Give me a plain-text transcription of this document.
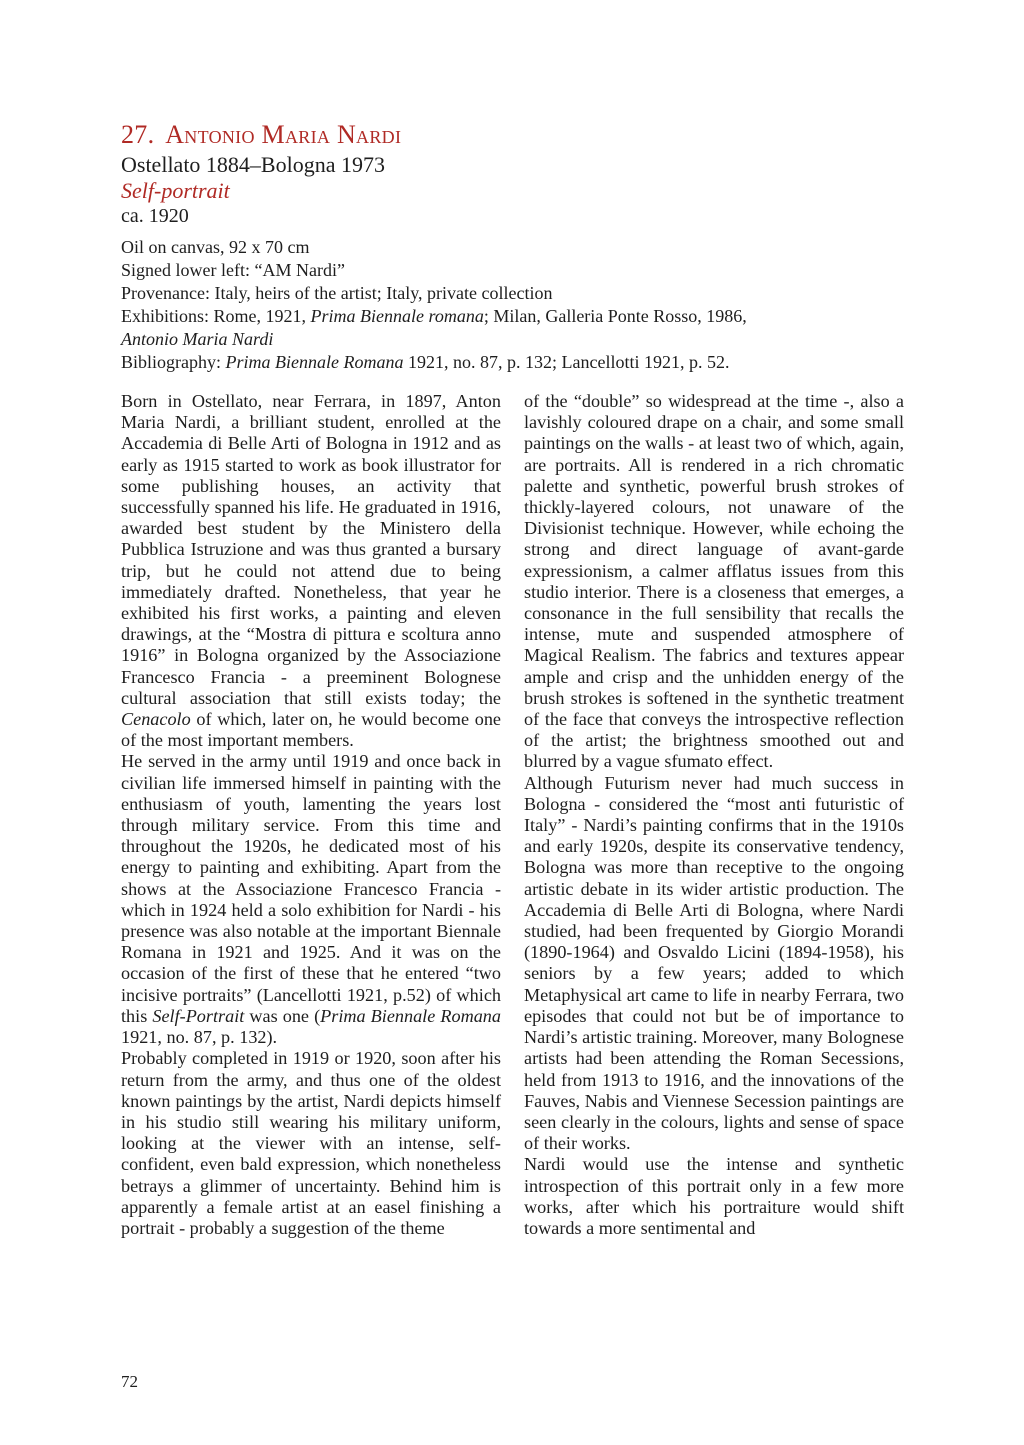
27. Antonio Maria Nardi
Ostellato 1884–Bologna 1973
Self-portrait
ca. 1920
Oil on canvas, 92 x 70 cm
Signed lower left: “AM Nardi”
Provenance: Italy, heirs of the artist; Italy, private collection
Exhibitions: Rome, 1921, Prima Biennale romana; Milan, Galleria Ponte Rosso, 1986,
Antonio Maria Nardi
Bibliography: Prima Biennale Romana 1921, no. 87, p. 132; Lancellotti 1921, p. 52.

Born in Ostellato, near Ferrara, in 1897, Anton Maria Nardi, a brilliant student, enrolled at the Accademia di Belle Arti of Bologna in 1912 and as early as 1915 started to work as book illustrator for some publishing houses, an activity that successfully spanned his life. He graduated in 1916, awarded best student by the Ministero della Pubblica Istruzione and was thus granted a bursary trip, but he could not attend due to being immediately drafted. Nonetheless, that year he exhibited his first works, a painting and eleven drawings, at the “Mostra di pittura e scoltura anno 1916” in Bologna organized by the Associazione Francesco Francia - a preeminent Bolognese cultural association that still exists today; the Cenacolo of which, later on, he would become one of the most important members.

He served in the army until 1919 and once back in civilian life immersed himself in painting with the enthusiasm of youth, lamenting the years lost through military service. From this time and throughout the 1920s, he dedicated most of his energy to painting and exhibiting. Apart from the shows at the Associazione Francesco Francia - which in 1924 held a solo exhibition for Nardi - his presence was also notable at the important Biennale Romana in 1921 and 1925. And it was on the occasion of the first of these that he entered “two incisive portraits” (Lancellotti 1921, p.52) of which this Self-Portrait was one (Prima Biennale Romana 1921, no. 87, p. 132).

Probably completed in 1919 or 1920, soon after his return from the army, and thus one of the oldest known paintings by the artist, Nardi depicts himself in his studio still wearing his military uniform, looking at the viewer with an intense, self-confident, even bald expression, which nonetheless betrays a glimmer of uncertainty. Behind him is apparently a female artist at an easel finishing a portrait - probably a suggestion of the theme

of the “double” so widespread at the time -, also a lavishly coloured drape on a chair, and some small paintings on the walls - at least two of which, again, are portraits. All is rendered in a rich chromatic palette and synthetic, powerful brush strokes of thickly-layered colours, not unaware of the Divisionist technique. However, while echoing the strong and direct language of avant-garde expressionism, a calmer afflatus issues from this studio interior. There is a closeness that emerges, a consonance in the full sensibility that recalls the intense, mute and suspended atmosphere of Magical Realism. The fabrics and textures appear ample and crisp and the unhidden energy of the brush strokes is softened in the synthetic treatment of the face that conveys the introspective reflection of the artist; the brightness smoothed out and blurred by a vague sfumato effect.

Although Futurism never had much success in Bologna - considered the “most anti futuristic of Italy” - Nardi’s painting confirms that in the 1910s and early 1920s, despite its conservative tendency, Bologna was more than receptive to the ongoing artistic debate in its wider artistic production. The Accademia di Belle Arti di Bologna, where Nardi studied, had been frequented by Giorgio Morandi (1890-1964) and Osvaldo Licini (1894-1958), his seniors by a few years; added to which Metaphysical art came to life in nearby Ferrara, two episodes that could not but be of importance to Nardi’s artistic training. Moreover, many Bolognese artists had been attending the Roman Secessions, held from 1913 to 1916, and the innovations of the Fauves, Nabis and Viennese Secession paintings are seen clearly in the colours, lights and sense of space of their works.

Nardi would use the intense and synthetic introspection of this portrait only in a few more works, after which his portraiture would shift towards a more sentimental and

72
